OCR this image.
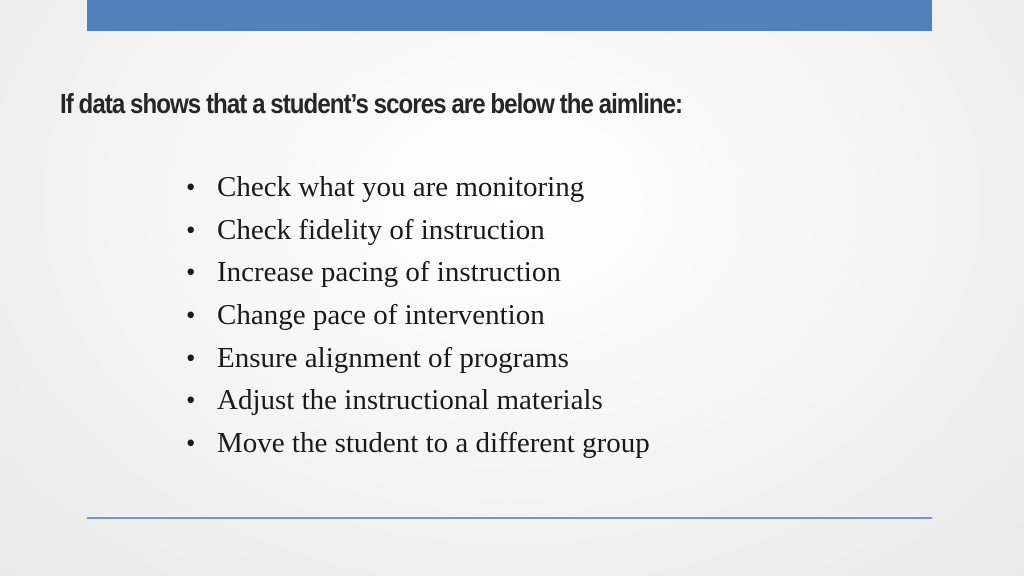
If data shows that a student’s scores are below the aimline:
• Check what you are monitoring
• Check fidelity of instruction
• Increase pacing of instruction
• Change pace of intervention
• Ensure alignment of programs
• Adjust the instructional materials
• Move the student to a different group
